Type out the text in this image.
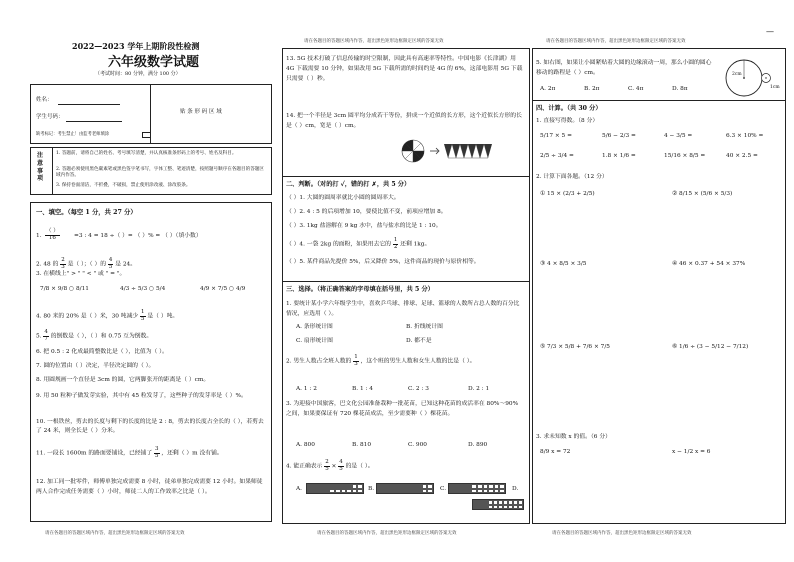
2022—2023 学年上期阶段性检测
六年级数学试题
（考试时间：80 分钟，满分 100 分）
姓名：
学生号码：
缺考标记：考生禁止！由监考老师填涂
贴 条 形 码 区 域
注意事项
1. 答题前，请将自己的姓名、考号填写清楚，并认真核准条形码上的考号、姓名及科目。
2. 答题必须使用黑色碳素笔或黑色签字笔书写，字体工整、笔迹清楚，按照题号顺序在各题目的答题区域内作答。
3. 保持卷面清洁，不折叠，不破损，禁止使用涂改液、涂改胶条。
一、填空。（每空 1 分，共 27 分）
1. $\frac{( )}{16} =3$ : 4 = 18 ÷（ ）= （ ）% = （ ）（填小数）
2. 48 的 $\frac{2}{3}$ 是（ ）；（ ）的 $\frac{4}{5}$ 是 24。
3. 在横线上" > " " < " 或 " = "。
7/8 × 9/8 ○ 8/11	4/3 ÷ 5/3 ○ 5/4	4/9 × 7/5 ○ 4/9
4. 80 米的 20% 是（ ）米，30 吨减少 $\frac{1}{5}$ 是（ ）吨。
5. $\frac{4}{7}$ 的倒数是（ ），（ ）和 0.75 互为倒数。
6. 把 0.5 : 2 化成最简整数比是（ ），比值为（ ）。
7. 圆的位置由（ ）决定，半径决定圆的（ ）。
8. 用圆规画一个直径是 3cm 的圆，它两脚张开的距离是（ ）cm。
9. 用 50 粒种子做发芽实验，其中有 45 粒发芽了，这些种子的发芽率是（ ）%。
10. 一根铁丝，剪去的长度与剩下的长度的比是 2 : 8，剪去的长度占全长的（ ），若剪去了 24 米，则全长是（ ）分米。
11. 一段长 1600m 的路面要铺设，已经铺了 $\frac{3}{5}$ ，还剩（ ）m 没有铺。
12. 加工同一批零件，师傅单独完成需要 8 小时，徒弟单独完成需要 12 小时。如果师徒两人合作完成任务需要（ ）小时，师徒二人的工作效率之比是（ ）。
请在各题目的答题区域内作答，超出黑色矩形边框限定区域的答案无效
请在各题目的答题区域内作答，超出黑色矩形边框限定区域的答案无效
13. 5G 技术打破了信息传输的时空限制，因此具有高速率等特性。中国电影《长津湖》用 4G 下载需要 10 分钟，如果改用 5G 下载所需的时间约是 4G 的 6%，这部电影用 5G 下载只需要（ ）秒。
14. 把一个半径是 3cm 圆平均分成若干等份，拼成一个近似的长方形，这个近似长方形的长是（ ）cm，宽是（ ）cm。
二、判断。（对的打 ✓，错的打 ✗，共 5 分）
（ ）1. 大圆的圆周率就比小圆的圆周率大。
（ ）2. 4 : 5 的后项增加 10，要使比值不变，前项应增加 8。
（ ）3. 1kg 盐溶解在 9 kg 水中，盐与盐水的比是 1 : 10。
（ ）4. 一袋 2kg 的面粉，如果用去它的 $\frac{1}{2}$ 还剩 1kg。
（ ）5. 某件商品先提价 5%，后又降价 5%，这件商品的现价与原价相等。
三、选择。（将正确答案的字母填在括号里，共 5 分）
1. 要统计某小学六年级学生中，喜欢乒乓球、排球、足球、篮球的人数所占总人数的百分比情况，应选用（ ）。
A. 条形统计图	B. 折线统计图
C. 扇形统计图	D. 都不是
2. 男生人数占全班人数的 $\frac{1}{3}$ ，这个班的男生人数和女生人数的比是（ ）。
A. 1 : 2	B. 1 : 4	C. 2 : 3	D. 2 : 1
3. 为迎接中国旅客，巴文化公园准备栽种一批花苗，已知这种花苗的成活率在 80%～90% 之间，如果要保证有 720 棵花苗成活，至少需要种（ ）棵花苗。
A. 800	B. 810	C. 900	D. 890
4. 能正确表示 $\frac{2}{5} \times \frac{4}{5}$ 的是（ ）。
A.	B.	C.	D.
请在各题目的答题区域内作答，超出黑色矩形边框限定区域的答案无效
请在各题目的答题区域内作答，超出黑色矩形边框限定区域的答案无效
—
5. 如右图，如果让小圆紧贴着大圆的边缘滚动一周，那么小圆的圆心移动的路程是（ ）cm。
A. 2π	B. 2π	C. 4π	D. 8π
2cm
1cm
四、计算。（共 30 分）
1. 直接写得数。（8 分）
5/17 × 5 =	5/6 − 2/3 =	4 − 3/5 =	6.3 × 10% =
2/5 ÷ 3/4 =	1.8 × 1/6 =	15/16 × 8/5 =	40 × 2.5 =
2. 计算下面各题。（12 分）
① 15 × (2/3 + 2/5)	② 8/15 × (5/6 × 5/3)
③ 4 × 8/5 × 3/5	④ 46 × 0.37 + 54 × 37%
⑤ 7/3 × 5/8 + 7/6 × 7/5	⑥ 1/6 ÷ (3 − 5/12 − 7/12)
3. 求未知数 x 的值。（6 分）
8/9 x = 72	x − 1/2 x = 6
请在各题目的答题区域内作答，超出黑色矩形边框限定区域的答案无效
